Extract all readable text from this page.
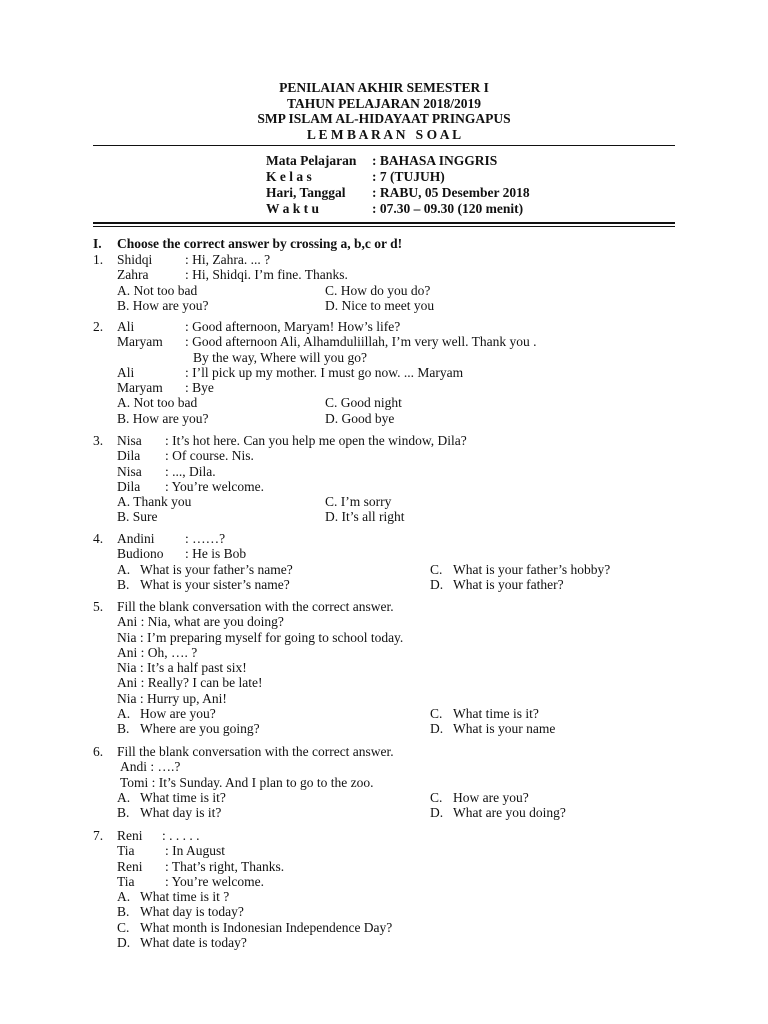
PENILAIAN AKHIR SEMESTER I
TAHUN PELAJARAN 2018/2019
SMP ISLAM AL-HIDAYAAT PRINGAPUS
L E M B A R A N   S O A L
Mata Pelajaran : BAHASA INGGRIS
K e l a s	: 7 (TUJUH)
Hari, Tanggal : RABU, 05 Desember 2018
W a k t u	: 07.30 – 09.30 (120 menit)
I. Choose the correct answer by crossing a, b,c or d!
1. Shidqi : Hi, Zahra. ... ?
Zahra	: Hi, Shidqi. I’m fine. Thanks.
A. Not too bad	C. How do you do?
B. How are you?	D. Nice to meet you
2. Ali	: Good afternoon, Maryam! How’s life?
Maryam : Good afternoon Ali, Alhamduliillah, I’m very well. Thank you .
By the way, Where will you go?
Ali	: I’ll pick up my mother. I must go now. ... Maryam
Maryam : Bye
A. Not too bad	C. Good night
B. How are you?	D. Good bye
3. Nisa : It’s hot here. Can you help me open the window, Dila?
Dila : Of course. Nis.
Nisa : ..., Dila.
Dila : You’re welcome.
A. Thank you	C. I’m sorry
B. Sure	D. It’s all right
4. Andini : ……?
Budiono : He is Bob
A. What is your father’s name?	C. What is your father’s hobby?
B. What is your sister’s name?	D. What is your father?
5. Fill the blank conversation with the correct answer.
Ani : Nia, what are you doing?
Nia : I’m preparing myself for going to school today.
Ani : Oh, …. ?
Nia : It’s a half past six!
Ani : Really? I can be late!
Nia : Hurry up, Ani!
A. How are you?	C. What time is it?
B. Where are you going?	D. What is your name
6. Fill the blank conversation with the correct answer.
Andi : ….?
Tomi : It’s Sunday. And I plan to go to the zoo.
A. What time is it?	C. How are you?
B. What day is it?	D. What are you doing?
7. Reni : . . . . .
Tia : In August
Reni : That’s right, Thanks.
Tia : You’re welcome.
A. What time is it ?
B. What day is today?
C. What month is Indonesian Independence Day?
D. What date is today?
